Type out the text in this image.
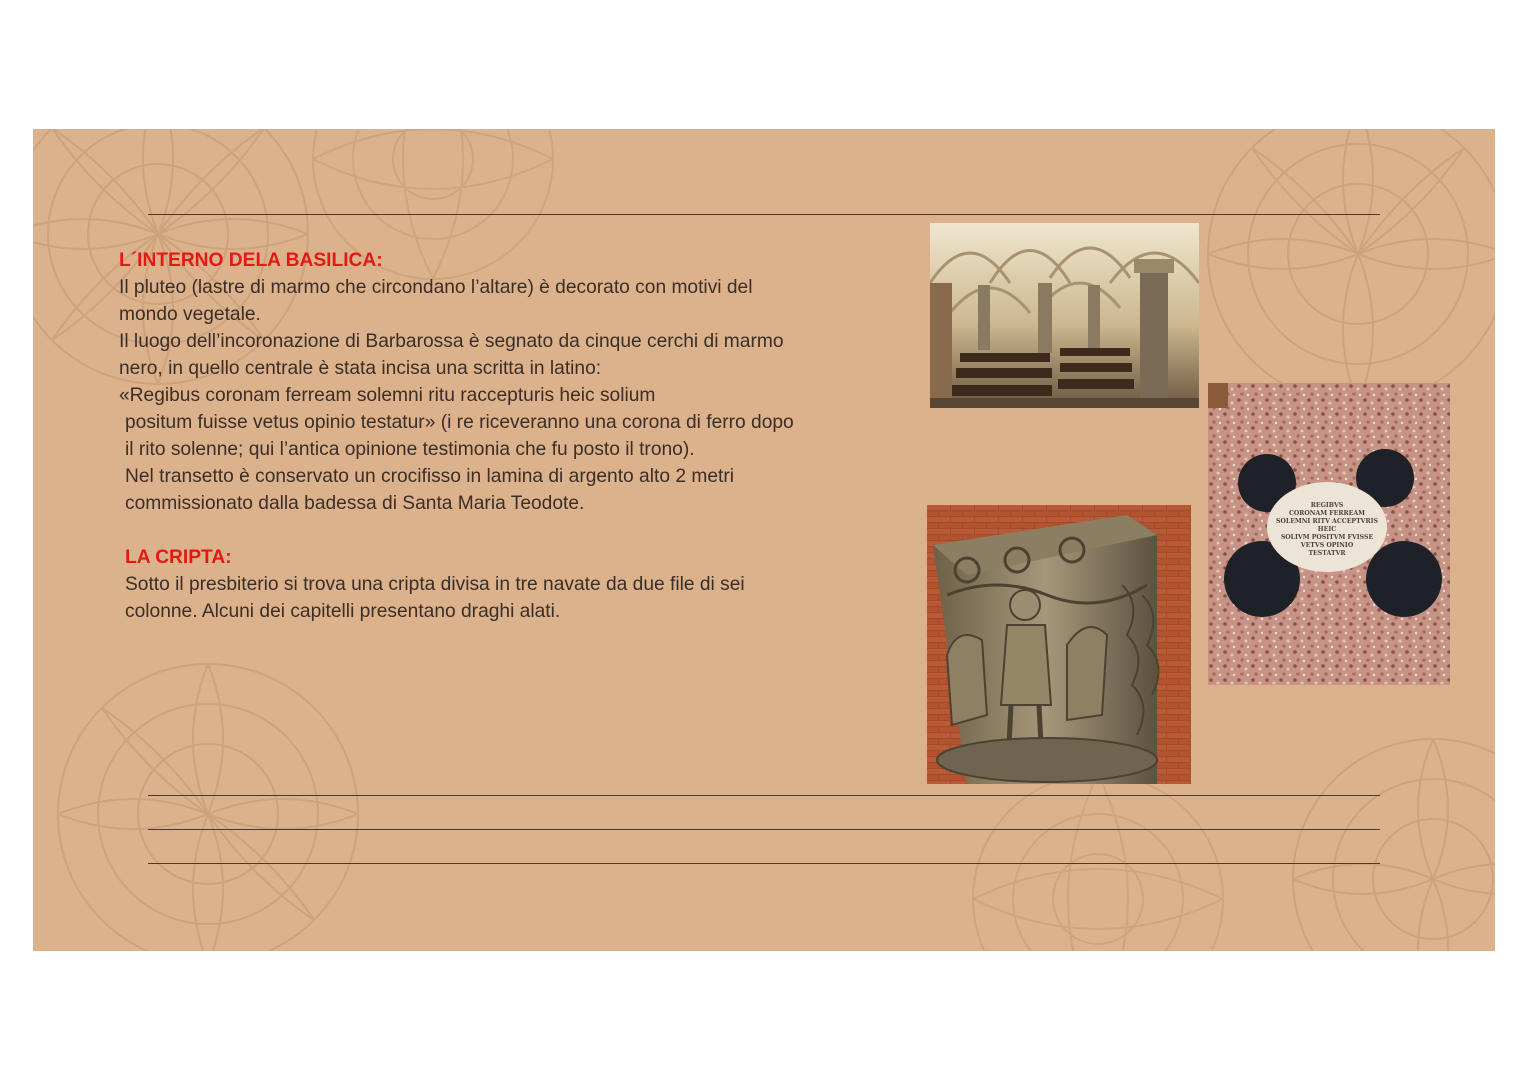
L´INTERNO DELA BASILICA:
Il pluteo (lastre di marmo che circondano l’altare) è decorato con motivi del
mondo vegetale.
Il luogo dell’incoronazione di Barbarossa è segnato da cinque cerchi di marmo
nero, in quello centrale è stata incisa una scritta in latino:
«Regibus coronam ferream solemni ritu raccepturis heic solium
positum fuisse vetus opinio testatur» (i re riceveranno una corona di ferro dopo
il rito solenne; qui l’antica opinione testimonia che fu posto il trono).
Nel transetto è conservato un crocifisso in lamina di argento alto 2 metri
commissionato dalla badessa di Santa Maria Teodote.
LA CRIPTA:
Sotto il presbiterio si trova una cripta divisa in tre navate da due file di sei
colonne. Alcuni dei capitelli presentano draghi alati.
REGIBVS
CORONAM FERREAM
SOLEMNI RITV ACCEPTVRIS
HEIC
SOLIVM POSITVM FVISSE
VETVS OPINIO
TESTATVR
